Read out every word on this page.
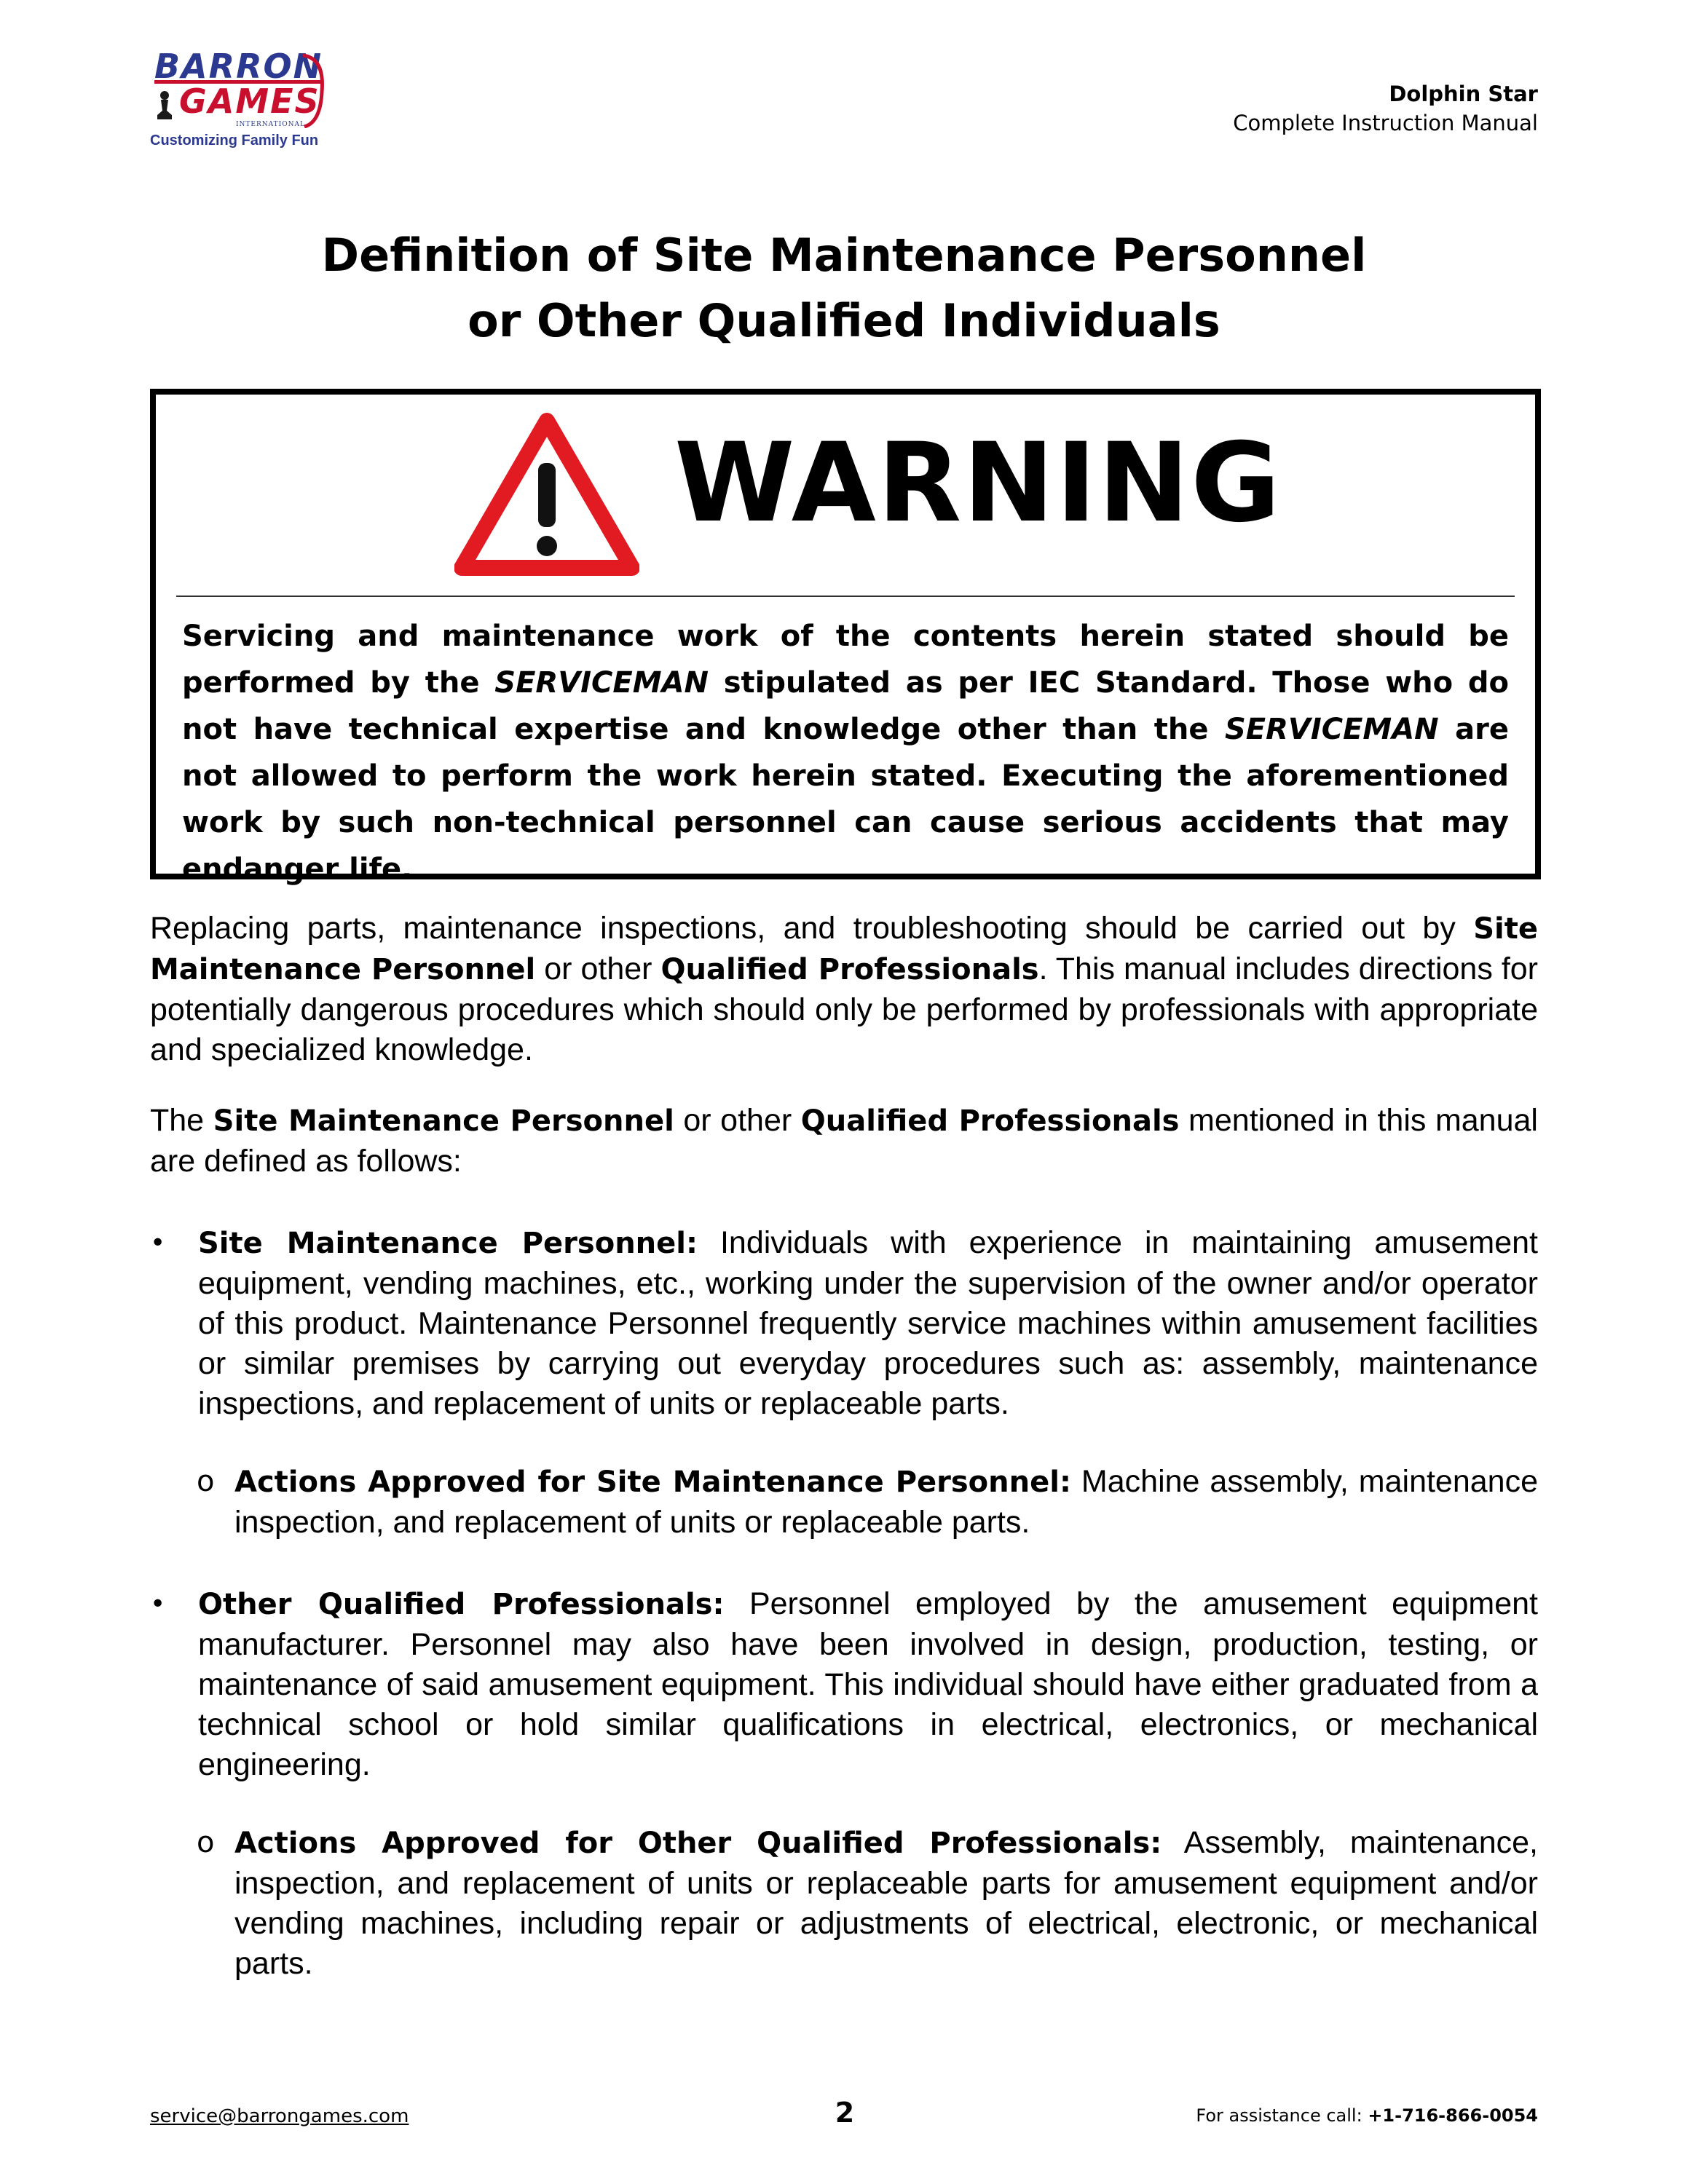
BARRON
GAMES
INTERNATIONAL
Customizing Family Fun
Dolphin Star
Complete Instruction Manual
Definition of Site Maintenance Personnel
or Other Qualified Individuals
WARNING
Servicing and maintenance work of the contents herein stated should be performed by the SERVICEMAN stipulated as per IEC Standard. Those who do not have technical expertise and knowledge other than the SERVICEMAN are not allowed to perform the work herein stated. Executing the aforementioned work by such non-technical personnel can cause serious accidents that may endanger life.
Replacing parts, maintenance inspections, and troubleshooting should be carried out by Site Maintenance Personnel or other Qualified Professionals. This manual includes directions for potentially dangerous procedures which should only be performed by professionals with appropriate and specialized knowledge.
The Site Maintenance Personnel or other Qualified Professionals mentioned in this manual are defined as follows:
• Site Maintenance Personnel: Individuals with experience in maintaining amusement equipment, vending machines, etc., working under the supervision of the owner and/or operator of this product. Maintenance Personnel frequently service machines within amusement facilities or similar premises by carrying out everyday procedures such as: assembly, maintenance inspections, and replacement of units or replaceable parts.
o Actions Approved for Site Maintenance Personnel: Machine assembly, maintenance inspection, and replacement of units or replaceable parts.
• Other Qualified Professionals: Personnel employed by the amusement equipment manufacturer. Personnel may also have been involved in design, production, testing, or maintenance of said amusement equipment. This individual should have either graduated from a technical school or hold similar qualifications in electrical, electronics, or mechanical engineering.
o Actions Approved for Other Qualified Professionals: Assembly, maintenance, inspection, and replacement of units or replaceable parts for amusement equipment and/or vending machines, including repair or adjustments of electrical, electronic, or mechanical parts.
service@barrongames.com	2	For assistance call: +1-716-866-0054
